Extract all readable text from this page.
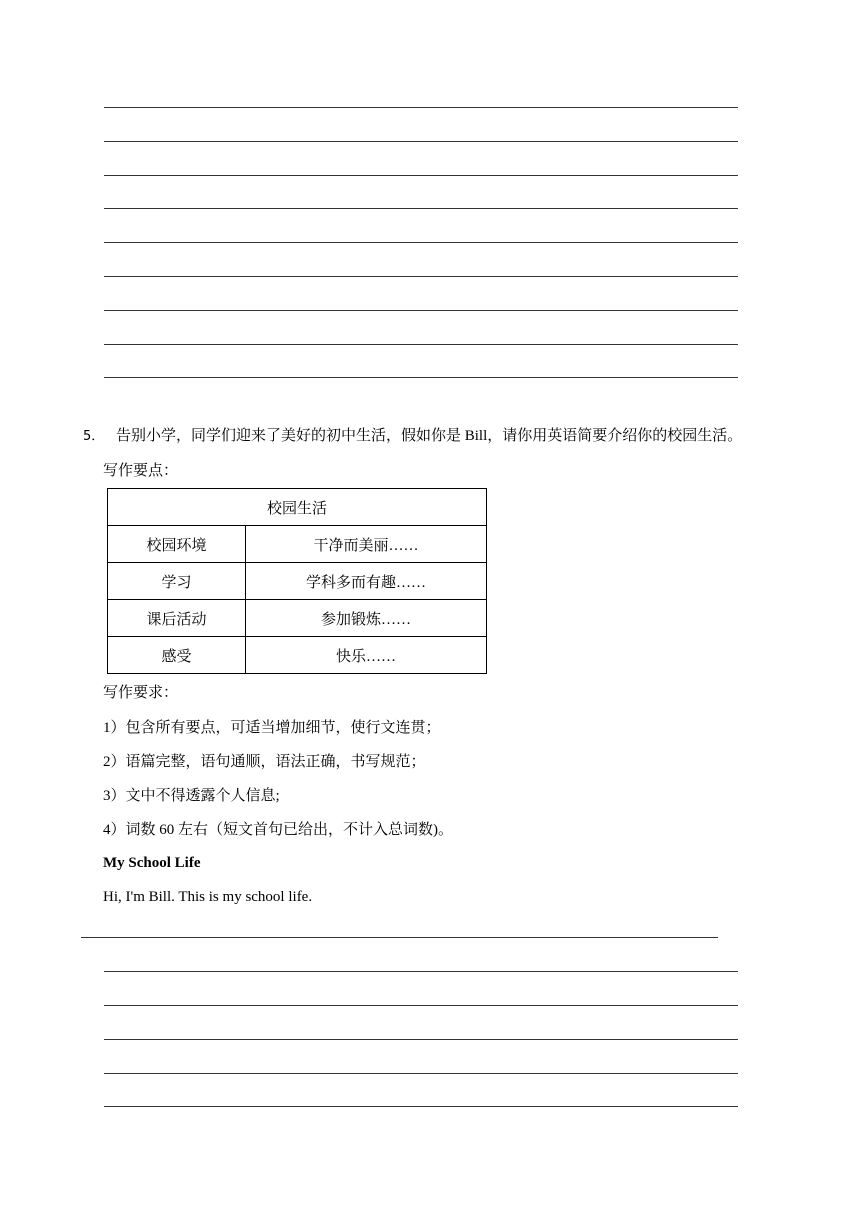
5． 告别小学，同学们迎来了美好的初中生活，假如你是 Bill，请你用英语简要介绍你的校园生活。
写作要点：
校园生活	
校园环境	干净而美丽……
学习	学科多而有趣……
课后活动	参加锻炼……
感受	快乐……
写作要求：
1）包含所有要点，可适当增加细节，使行文连贯；
2）语篇完整，语句通顺，语法正确，书写规范；
3）文中不得透露个人信息;
4）词数 60 左右（短文首句已给出，不计入总词数)。
My School Life
Hi, I'm Bill. This is my school life.
